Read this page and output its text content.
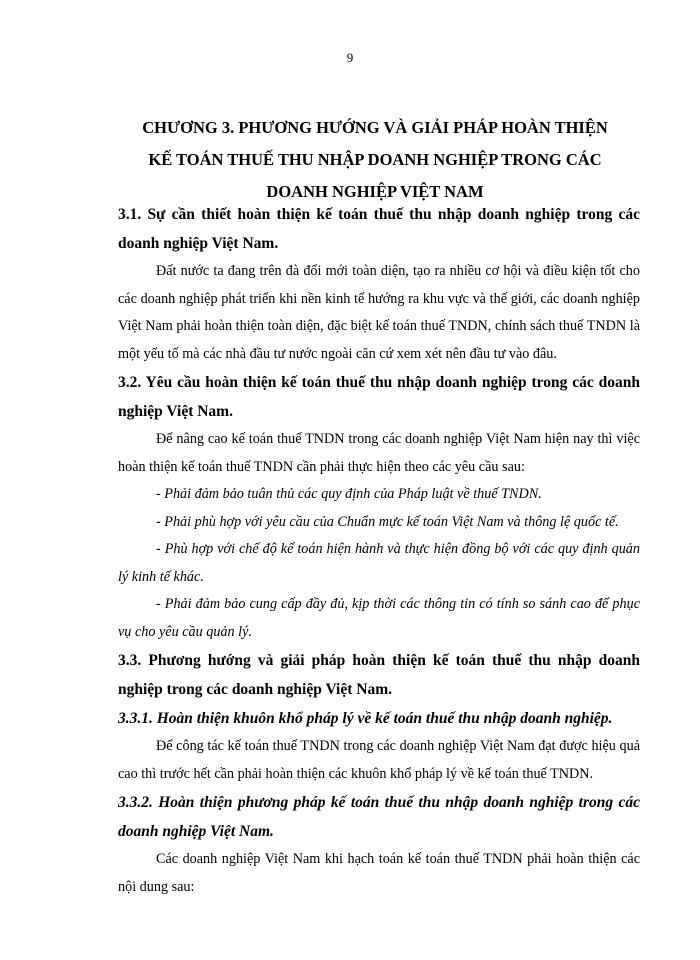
9
CHƯƠNG 3. PHƯƠNG HƯỚNG VÀ GIẢI PHÁP HOÀN THIỆN
KẾ TOÁN THUẾ THU NHẬP DOANH NGHIỆP TRONG CÁC
DOANH NGHIỆP VIỆT NAM

3.1. Sự cần thiết hoàn thiện kế toán thuế thu nhập doanh nghiệp trong các doanh nghiệp Việt Nam.

Đất nước ta đang trên đà đổi mới toàn diện, tạo ra nhiều cơ hội và điều kiện tốt cho các doanh nghiệp phát triển khi nền kinh tế hướng ra khu vực và thế giới, các doanh nghiệp Việt Nam phải hoàn thiện toàn diện, đặc biệt kế toán thuế TNDN, chính sách thuế TNDN là một yếu tố mà các nhà đầu tư nước ngoài căn cứ xem xét nên đầu tư vào đâu.

3.2. Yêu cầu hoàn thiện kế toán thuế thu nhập doanh nghiệp trong các doanh nghiệp Việt Nam.

Để nâng cao kế toán thuế TNDN trong các doanh nghiệp Việt Nam hiện nay thì việc hoàn thiện kế toán thuế TNDN cần phải thực hiện theo các yêu cầu sau:

- Phải đảm bảo tuân thủ các quy định của Pháp luật về thuế TNDN.

- Phải phù hợp với yêu cầu của Chuẩn mực kế toán Việt Nam và thông lệ quốc tế.

- Phù hợp với chế độ kế toán hiện hành và thực hiện đồng bộ với các quy định quản lý kinh tế khác.

- Phải đảm bảo cung cấp đầy đủ, kịp thời các thông tin có tính so sánh cao để phục vụ cho yêu cầu quản lý.

3.3. Phương hướng và giải pháp hoàn thiện kế toán thuế thu nhập doanh nghiệp trong các doanh nghiệp Việt Nam.

3.3.1. Hoàn thiện khuôn khổ pháp lý về kế toán thuế thu nhập doanh nghiệp.

Để công tác kế toán thuế TNDN trong các doanh nghiệp Việt Nam đạt được hiệu quả cao thì trước hết cần phải hoàn thiện các khuôn khổ pháp lý về kế toán thuế TNDN.

3.3.2. Hoàn thiện phương pháp kế toán thuế thu nhập doanh nghiệp trong các doanh nghiệp Việt Nam.

Các doanh nghiệp Việt Nam khi hạch toán kế toán thuế TNDN phải hoàn thiện các nội dung sau:
